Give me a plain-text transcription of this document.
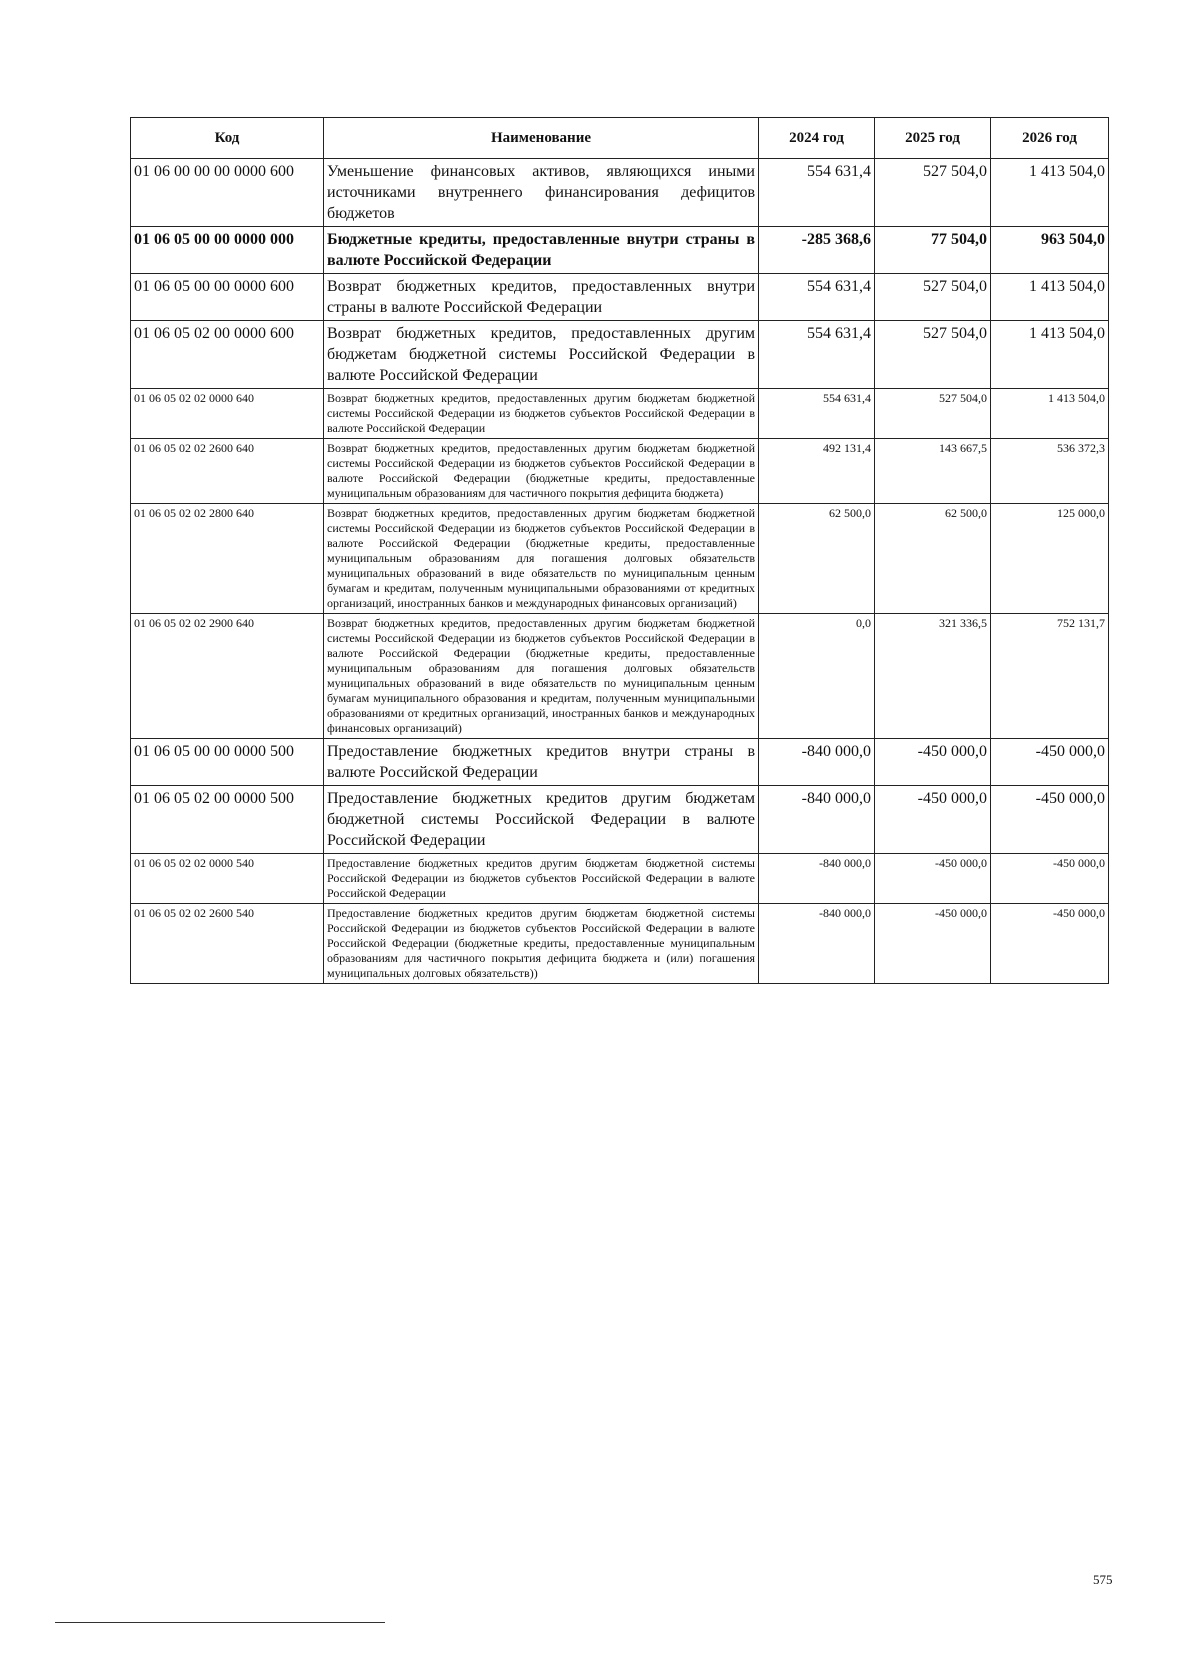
Код	Наименование	2024 год	2025 год	2026 год
01 06 00 00 00 0000 600	Уменьшение финансовых активов, являющихся иными источниками внутреннего финансирования дефицитов бюджетов	554 631,4	527 504,0	1 413 504,0
01 06 05 00 00 0000 000	Бюджетные кредиты, предоставленные внутри страны в валюте Российской Федерации	-285 368,6	77 504,0	963 504,0
01 06 05 00 00 0000 600	Возврат бюджетных кредитов, предоставленных внутри страны в валюте Российской Федерации	554 631,4	527 504,0	1 413 504,0
01 06 05 02 00 0000 600	Возврат бюджетных кредитов, предоставленных другим бюджетам бюджетной системы Российской Федерации в валюте Российской Федерации	554 631,4	527 504,0	1 413 504,0
01 06 05 02 02 0000 640	Возврат бюджетных кредитов, предоставленных другим бюджетам бюджетной системы Российской Федерации из бюджетов субъектов Российской Федерации в валюте Российской Федерации	554 631,4	527 504,0	1 413 504,0
01 06 05 02 02 2600 640	Возврат бюджетных кредитов, предоставленных другим бюджетам бюджетной системы Российской Федерации из бюджетов субъектов Российской Федерации в валюте Российской Федерации (бюджетные кредиты, предоставленные муниципальным образованиям для частичного покрытия дефицита бюджета)	492 131,4	143 667,5	536 372,3
01 06 05 02 02 2800 640	Возврат бюджетных кредитов, предоставленных другим бюджетам бюджетной системы Российской Федерации из бюджетов субъектов Российской Федерации в валюте Российской Федерации (бюджетные кредиты, предоставленные муниципальным образованиям для погашения долговых обязательств муниципальных образований в виде обязательств по муниципальным ценным бумагам и кредитам, полученным муниципальными образованиями от кредитных организаций, иностранных банков и международных финансовых организаций)	62 500,0	62 500,0	125 000,0
01 06 05 02 02 2900 640	Возврат бюджетных кредитов, предоставленных другим бюджетам бюджетной системы Российской Федерации из бюджетов субъектов Российской Федерации в валюте Российской Федерации (бюджетные кредиты, предоставленные муниципальным образованиям для погашения долговых обязательств муниципальных образований в виде обязательств по муниципальным ценным бумагам муниципального образования и кредитам, полученным муниципальными образованиями от кредитных организаций, иностранных банков и международных финансовых организаций)	0,0	321 336,5	752 131,7
01 06 05 00 00 0000 500	Предоставление бюджетных кредитов внутри страны в валюте Российской Федерации	-840 000,0	-450 000,0	-450 000,0
01 06 05 02 00 0000 500	Предоставление бюджетных кредитов другим бюджетам бюджетной системы Российской Федерации в валюте Российской Федерации	-840 000,0	-450 000,0	-450 000,0
01 06 05 02 02 0000 540	Предоставление бюджетных кредитов другим бюджетам бюджетной системы Российской Федерации из бюджетов субъектов Российской Федерации в валюте Российской Федерации	-840 000,0	-450 000,0	-450 000,0
01 06 05 02 02 2600 540	Предоставление бюджетных кредитов другим бюджетам бюджетной системы Российской Федерации из бюджетов субъектов Российской Федерации в валюте Российской Федерации (бюджетные кредиты, предоставленные муниципальным образованиям для частичного покрытия дефицита бюджета и (или) погашения муниципальных долговых обязательств))	-840 000,0	-450 000,0	-450 000,0
575
